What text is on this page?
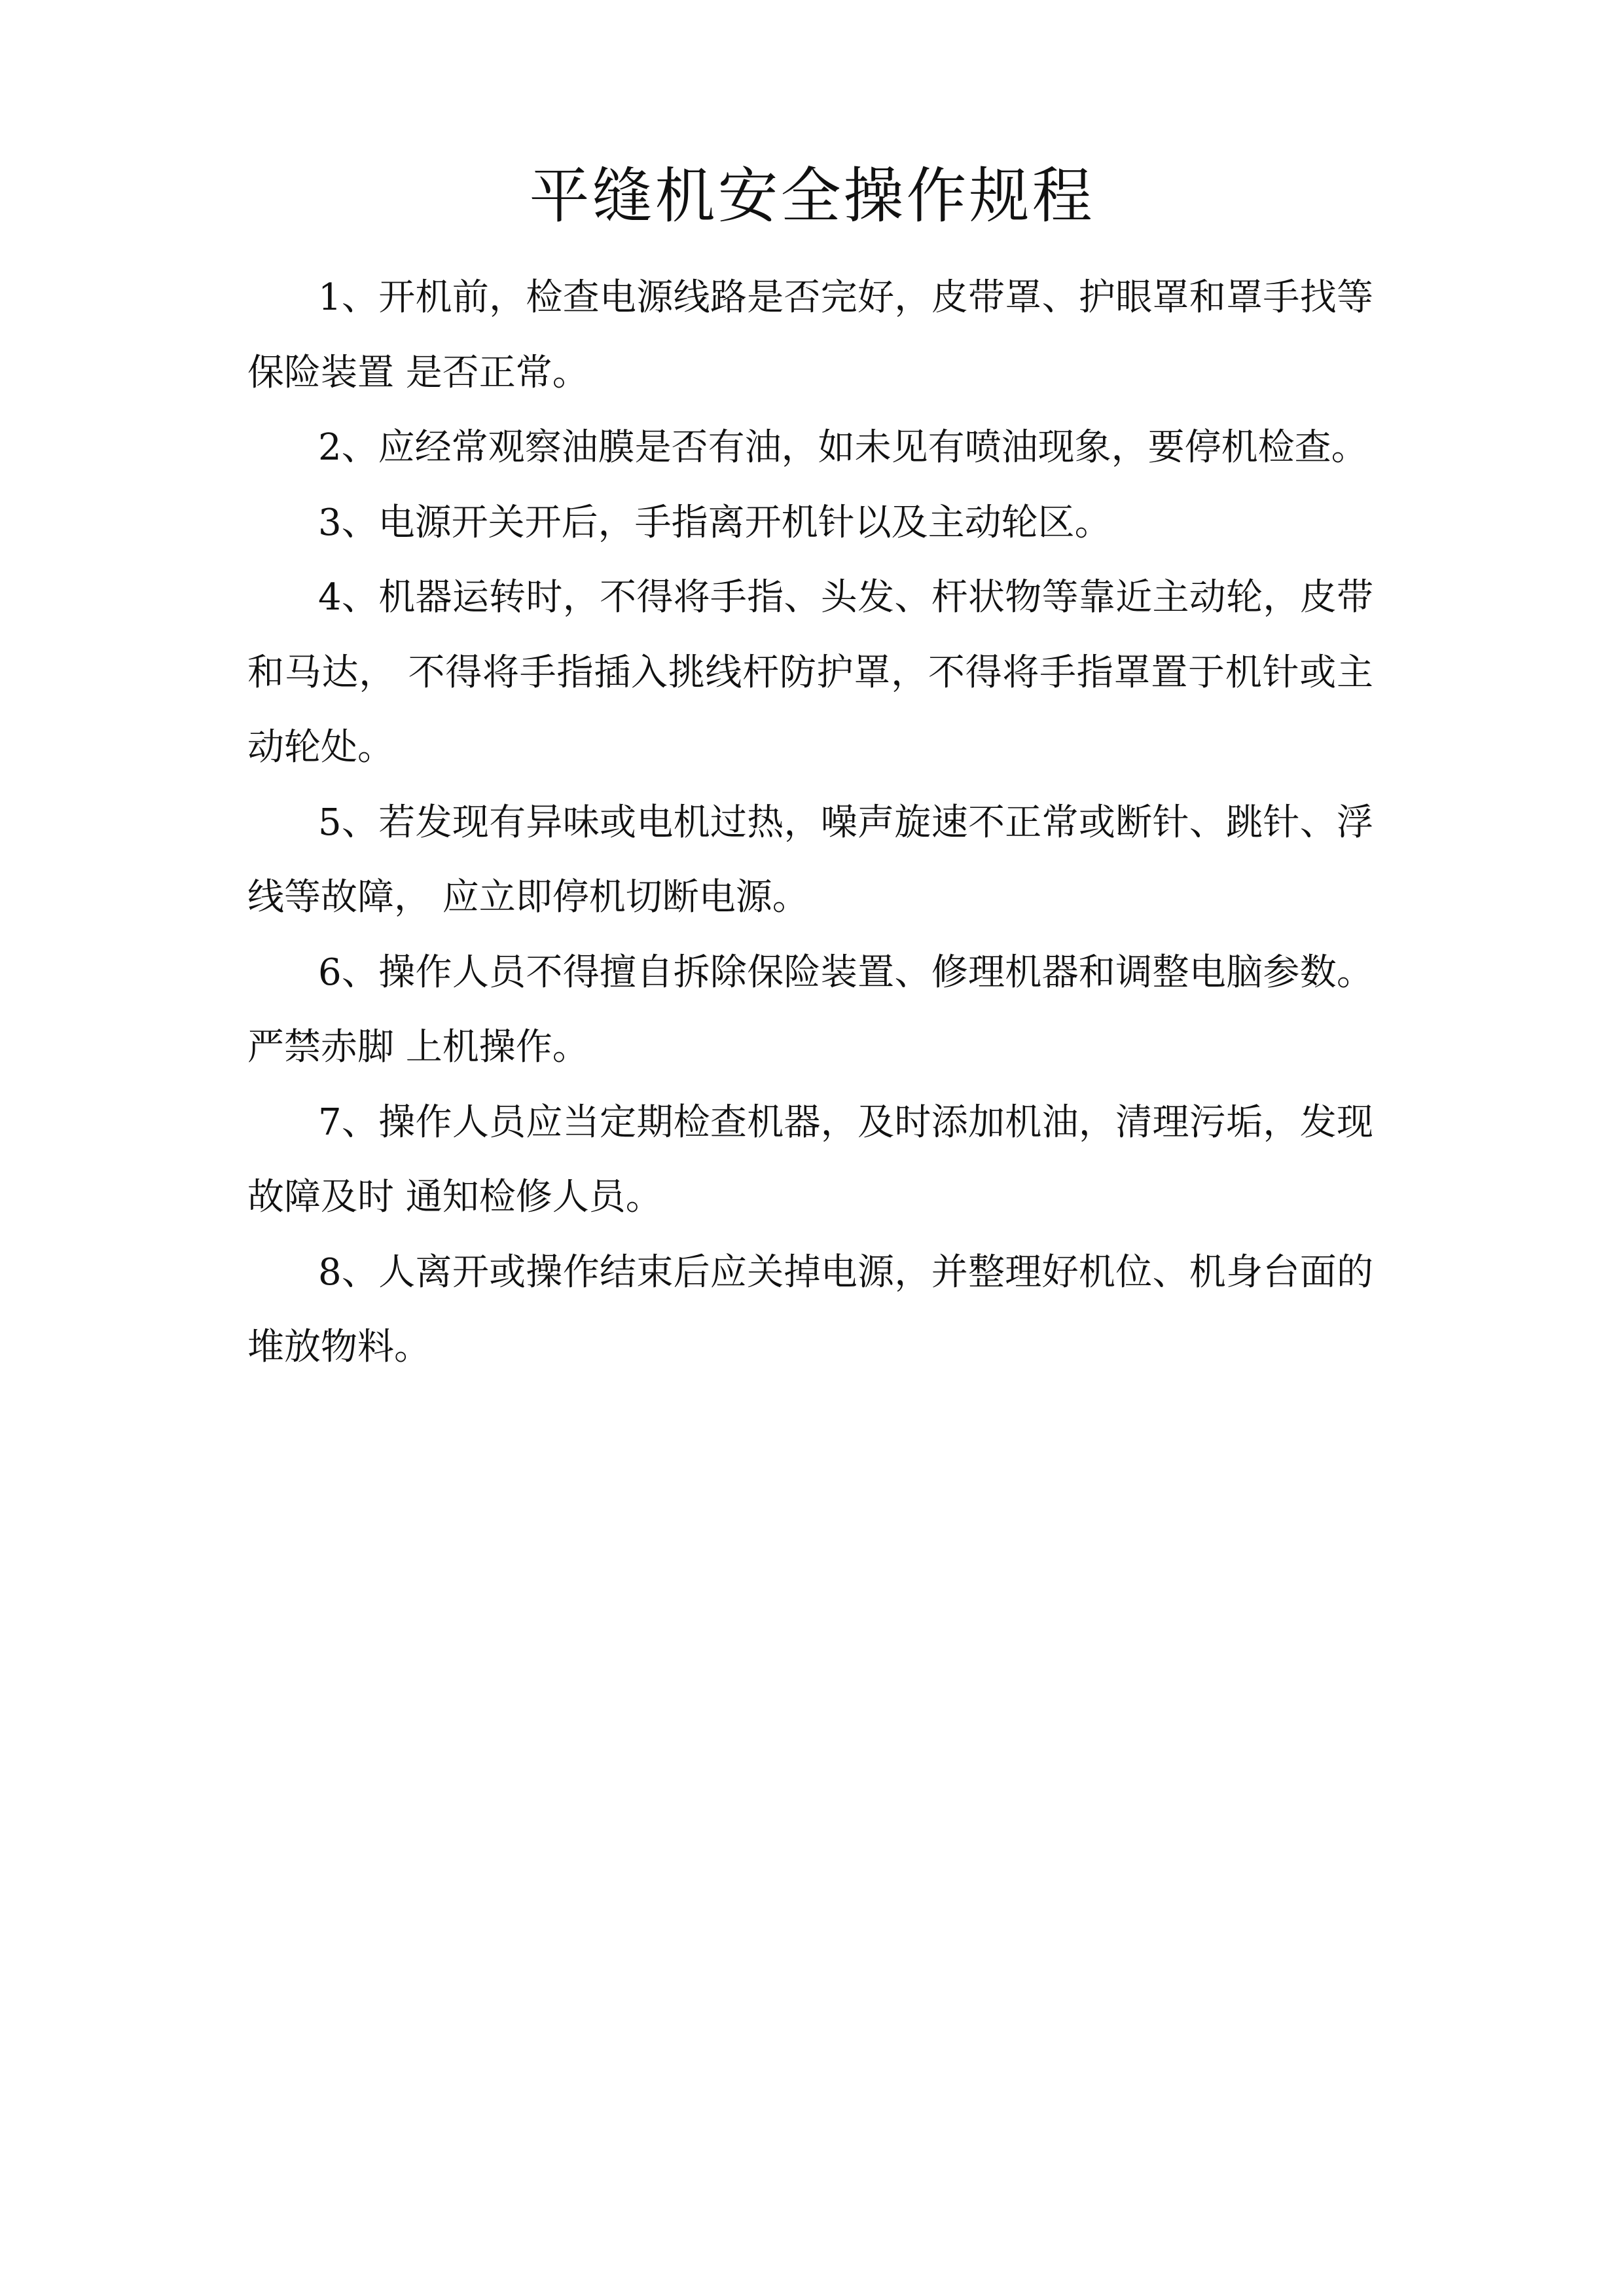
平缝机安全操作规程
1、开机前，检查电源线路是否完好，皮带罩、护眼罩和罩手找等保险装置 是否正常。
2、应经常观察油膜是否有油，如未见有喷油现象，要停机检查。
3、电源开关开后，手指离开机针以及主动轮区。
4、机器运转时，不得将手指、头发、杆状物等靠近主动轮，皮带和马达， 不得将手指插入挑线杆防护罩，不得将手指罩置于机针或主动轮处。
5、若发现有异味或电机过热，噪声旋速不正常或断针、跳针、浮线等故障， 应立即停机切断电源。
6、操作人员不得擅自拆除保险装置、修理机器和调整电脑参数。严禁赤脚 上机操作。
7、操作人员应当定期检查机器，及时添加机油，清理污垢，发现故障及时 通知检修人员。
8、人离开或操作结束后应关掉电源，并整理好机位、机身台面的堆放物料。
